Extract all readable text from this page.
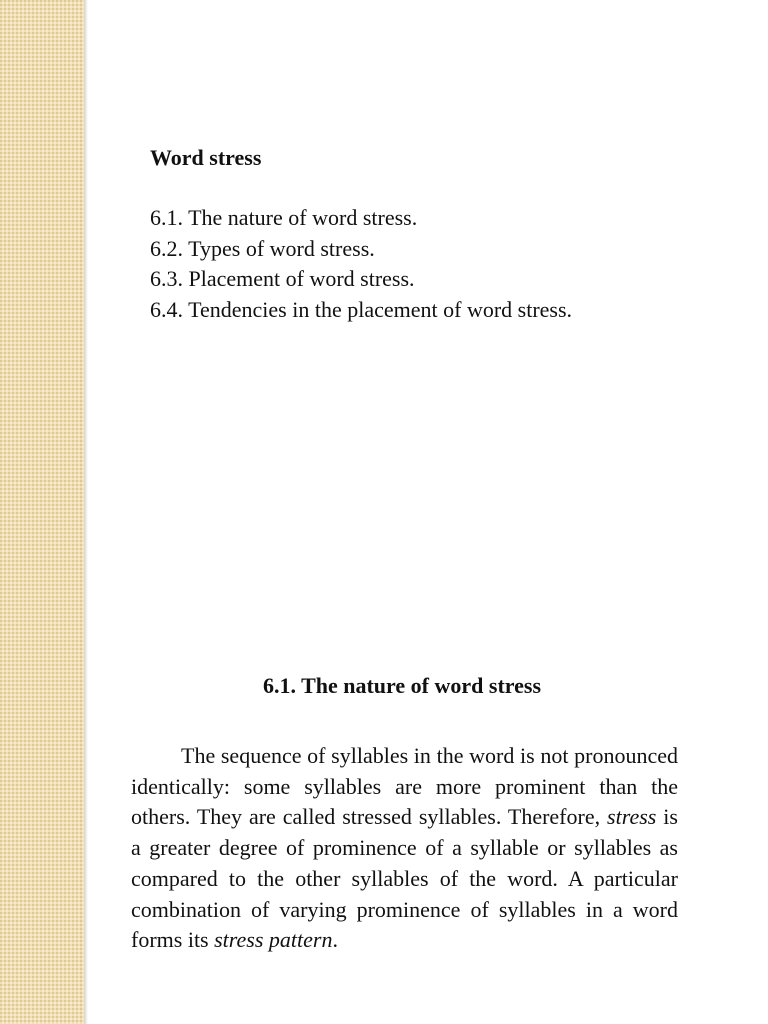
Word stress
6.1. The nature of word stress.
6.2. Types of word stress.
6.3. Placement of word stress.
6.4. Tendencies in the placement of word stress.
6.1. The nature of word stress

The sequence of syllables in the word is not pronounced identically: some syllables are more prominent than the others. They are called stressed syllables. Therefore, stress is a greater degree of prominence of a syllable or syllables as compared to the other syllables of the word. A particular combination of varying prominence of syllables in a word forms its stress pattern.
